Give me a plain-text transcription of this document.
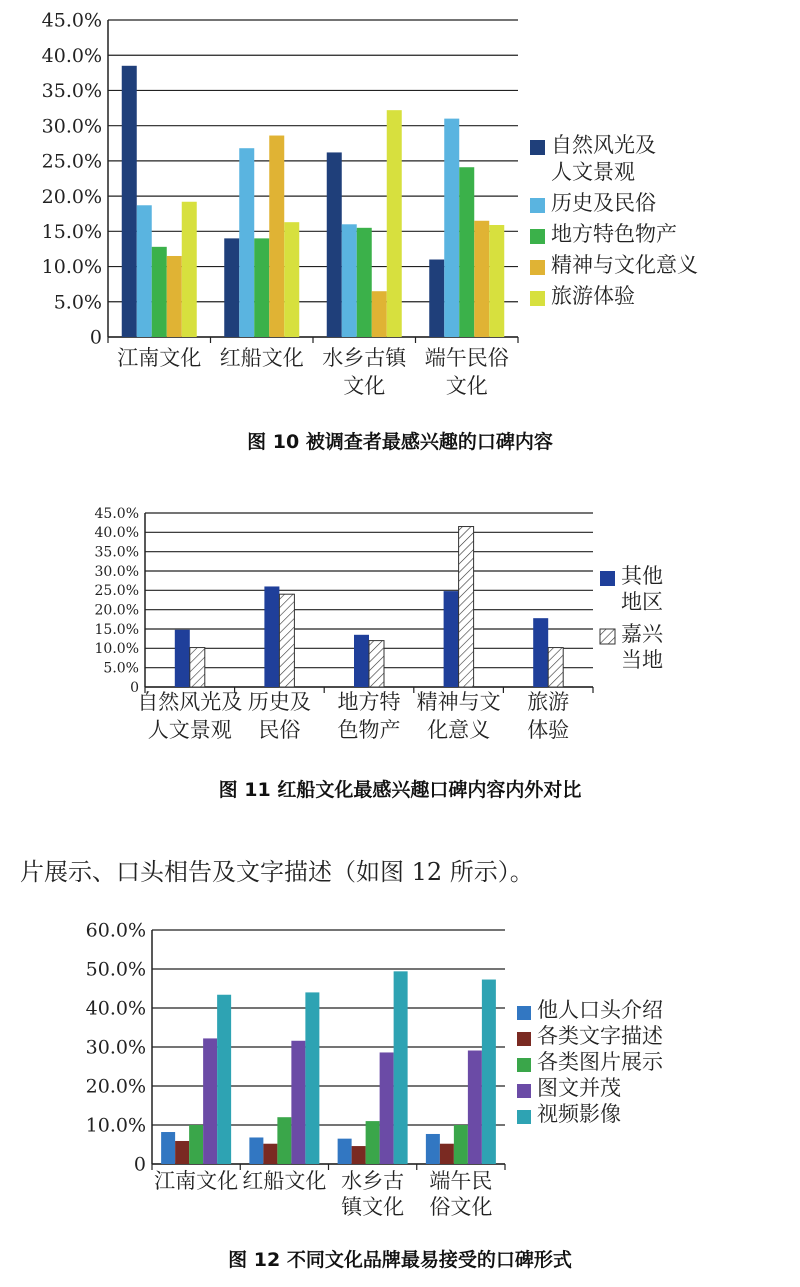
0
5.0%
10.0%
15.0%
20.0%
25.0%
30.0%
35.0%
40.0%
45.0%
江南文化 红船文化 水乡古镇
文化
端午民俗
文化
自然风光及
人文景观
历史及民俗
地方特色物产
精神与文化意义
旅游体验
图 10 被调查者最感兴趣的口碑内容
0
5.0%
10.0%
15.0%
20.0%
25.0%
30.0%
35.0%
40.0%
45.0%
自然风光及
人文景观
历史及
民俗
地方特
色物产
精神与文
化意义
旅游
体验
其他
地区
嘉兴
当地
图 11 红船文化最感兴趣口碑内容内外对比
片展示、口头相告及文字描述（如图 12 所示）。
0
10.0%
20.0%
30.0%
40.0%
50.0%
60.0%
江南文化 红船文化 水乡古
镇文化
端午民
俗文化
他人口头介绍
各类文字描述
各类图片展示
图文并茂
视频影像
图 12 不同文化品牌最易接受的口碑形式
